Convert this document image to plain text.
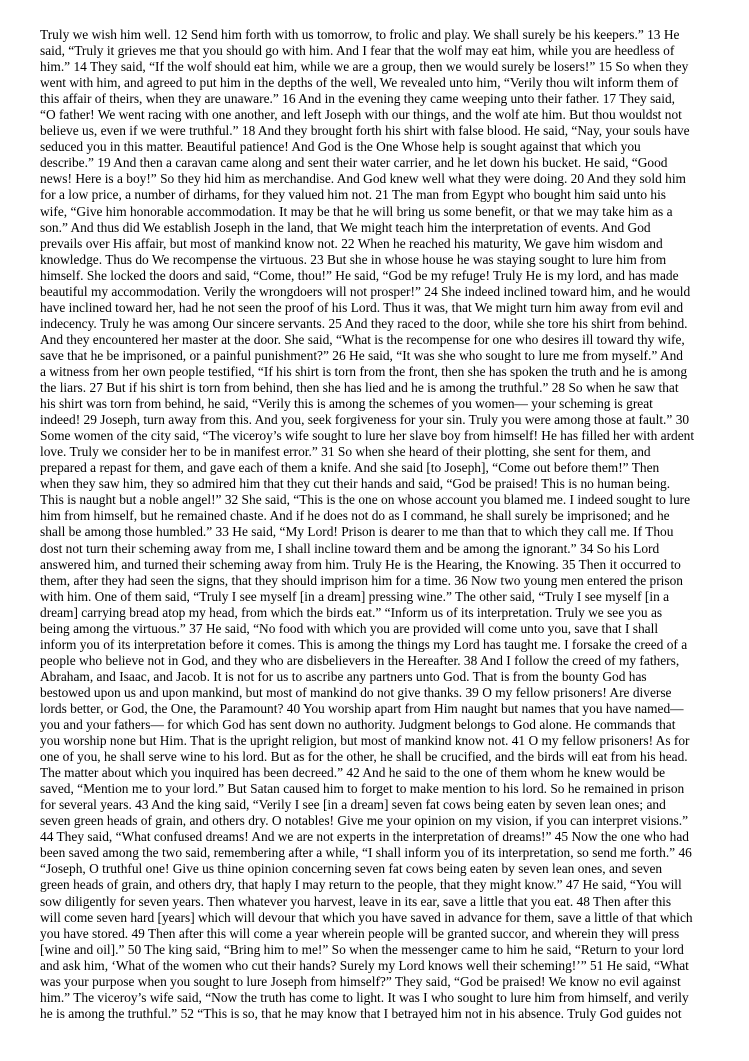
Truly we wish him well. 12 Send him forth with us tomorrow, to frolic and play. We shall surely be his keepers.” 13 He
said, “Truly it grieves me that you should go with him. And I fear that the wolf may eat him, while you are heedless of
him.” 14 They said, “If the wolf should eat him, while we are a group, then we would surely be losers!” 15 So when they
went with him, and agreed to put him in the depths of the well, We revealed unto him, “Verily thou wilt inform them of
this affair of theirs, when they are unaware.” 16 And in the evening they came weeping unto their father. 17 They said,
“O father! We went racing with one another, and left Joseph with our things, and the wolf ate him. But thou wouldst not
believe us, even if we were truthful.” 18 And they brought forth his shirt with false blood. He said, “Nay, your souls have
seduced you in this matter. Beautiful patience! And God is the One Whose help is sought against that which you
describe.” 19 And then a caravan came along and sent their water carrier, and he let down his bucket. He said, “Good
news! Here is a boy!” So they hid him as merchandise. And God knew well what they were doing. 20 And they sold him
for a low price, a number of dirhams, for they valued him not. 21 The man from Egypt who bought him said unto his
wife, “Give him honorable accommodation. It may be that he will bring us some benefit, or that we may take him as a
son.” And thus did We establish Joseph in the land, that We might teach him the interpretation of events. And God
prevails over His affair, but most of mankind know not. 22 When he reached his maturity, We gave him wisdom and
knowledge. Thus do We recompense the virtuous. 23 But she in whose house he was staying sought to lure him from
himself. She locked the doors and said, “Come, thou!” He said, “God be my refuge! Truly He is my lord, and has made
beautiful my accommodation. Verily the wrongdoers will not prosper!” 24 She indeed inclined toward him, and he would
have inclined toward her, had he not seen the proof of his Lord. Thus it was, that We might turn him away from evil and
indecency. Truly he was among Our sincere servants. 25 And they raced to the door, while she tore his shirt from behind.
And they encountered her master at the door. She said, “What is the recompense for one who desires ill toward thy wife,
save that he be imprisoned, or a painful punishment?” 26 He said, “It was she who sought to lure me from myself.” And
a witness from her own people testified, “If his shirt is torn from the front, then she has spoken the truth and he is among
the liars. 27 But if his shirt is torn from behind, then she has lied and he is among the truthful.” 28 So when he saw that
his shirt was torn from behind, he said, “Verily this is among the schemes of you women— your scheming is great
indeed! 29 Joseph, turn away from this. And you, seek forgiveness for your sin. Truly you were among those at fault.” 30
Some women of the city said, “The viceroy’s wife sought to lure her slave boy from himself! He has filled her with ardent
love. Truly we consider her to be in manifest error.” 31 So when she heard of their plotting, she sent for them, and
prepared a repast for them, and gave each of them a knife. And she said [to Joseph], “Come out before them!” Then
when they saw him, they so admired him that they cut their hands and said, “God be praised! This is no human being.
This is naught but a noble angel!” 32 She said, “This is the one on whose account you blamed me. I indeed sought to lure
him from himself, but he remained chaste. And if he does not do as I command, he shall surely be imprisoned; and he
shall be among those humbled.” 33 He said, “My Lord! Prison is dearer to me than that to which they call me. If Thou
dost not turn their scheming away from me, I shall incline toward them and be among the ignorant.” 34 So his Lord
answered him, and turned their scheming away from him. Truly He is the Hearing, the Knowing. 35 Then it occurred to
them, after they had seen the signs, that they should imprison him for a time. 36 Now two young men entered the prison
with him. One of them said, “Truly I see myself [in a dream] pressing wine.” The other said, “Truly I see myself [in a
dream] carrying bread atop my head, from which the birds eat.” “Inform us of its interpretation. Truly we see you as
being among the virtuous.” 37 He said, “No food with which you are provided will come unto you, save that I shall
inform you of its interpretation before it comes. This is among the things my Lord has taught me. I forsake the creed of a
people who believe not in God, and they who are disbelievers in the Hereafter. 38 And I follow the creed of my fathers,
Abraham, and Isaac, and Jacob. It is not for us to ascribe any partners unto God. That is from the bounty God has
bestowed upon us and upon mankind, but most of mankind do not give thanks. 39 O my fellow prisoners! Are diverse
lords better, or God, the One, the Paramount? 40 You worship apart from Him naught but names that you have named—
you and your fathers— for which God has sent down no authority. Judgment belongs to God alone. He commands that
you worship none but Him. That is the upright religion, but most of mankind know not. 41 O my fellow prisoners! As for
one of you, he shall serve wine to his lord. But as for the other, he shall be crucified, and the birds will eat from his head.
The matter about which you inquired has been decreed.” 42 And he said to the one of them whom he knew would be
saved, “Mention me to your lord.” But Satan caused him to forget to make mention to his lord. So he remained in prison
for several years. 43 And the king said, “Verily I see [in a dream] seven fat cows being eaten by seven lean ones; and
seven green heads of grain, and others dry. O notables! Give me your opinion on my vision, if you can interpret visions.”
44 They said, “What confused dreams! And we are not experts in the interpretation of dreams!” 45 Now the one who had
been saved among the two said, remembering after a while, “I shall inform you of its interpretation, so send me forth.” 46
“Joseph, O truthful one! Give us thine opinion concerning seven fat cows being eaten by seven lean ones, and seven
green heads of grain, and others dry, that haply I may return to the people, that they might know.” 47 He said, “You will
sow diligently for seven years. Then whatever you harvest, leave in its ear, save a little that you eat. 48 Then after this
will come seven hard [years] which will devour that which you have saved in advance for them, save a little of that which
you have stored. 49 Then after this will come a year wherein people will be granted succor, and wherein they will press
[wine and oil].” 50 The king said, “Bring him to me!” So when the messenger came to him he said, “Return to your lord
and ask him, ‘What of the women who cut their hands? Surely my Lord knows well their scheming!’” 51 He said, “What
was your purpose when you sought to lure Joseph from himself?” They said, “God be praised! We know no evil against
him.” The viceroy’s wife said, “Now the truth has come to light. It was I who sought to lure him from himself, and verily
he is among the truthful.” 52 “This is so, that he may know that I betrayed him not in his absence. Truly God guides not
